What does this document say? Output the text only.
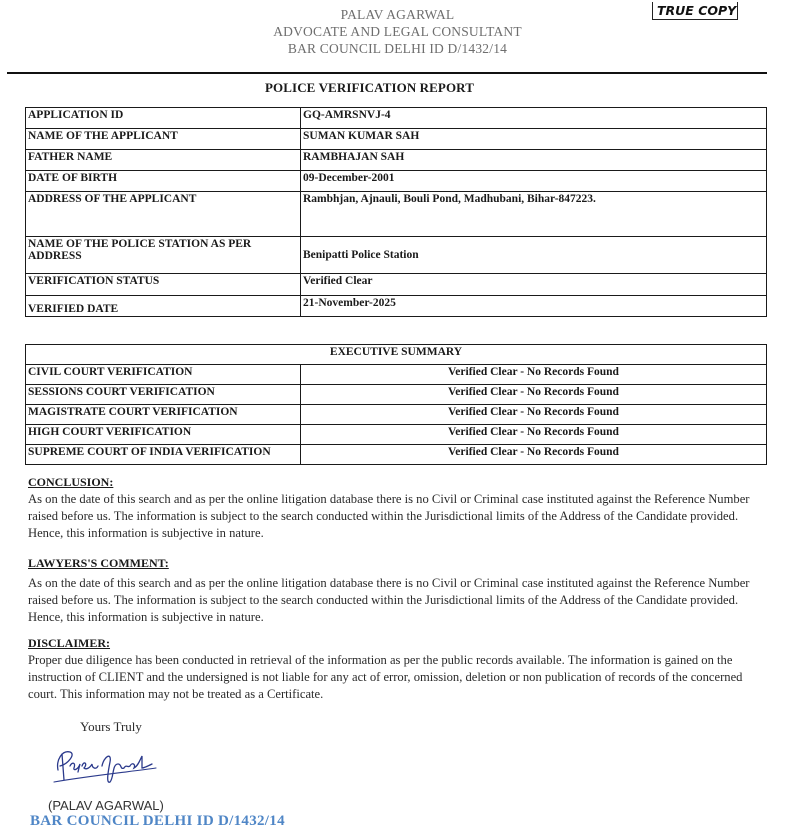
PALAV AGARWAL
ADVOCATE AND LEGAL CONSULTANT
BAR COUNCIL DELHI ID D/1432/14
TRUE COPY
POLICE VERIFICATION REPORT
APPLICATION ID	GQ-AMRSNVJ-4
NAME OF THE APPLICANT	SUMAN KUMAR SAH
FATHER NAME	RAMBHAJAN SAH
DATE OF BIRTH	09-December-2001
ADDRESS OF THE APPLICANT	Rambhjan, Ajnauli, Bouli Pond, Madhubani, Bihar-847223.
NAME OF THE POLICE STATION AS PER ADDRESS	Benipatti Police Station
VERIFICATION STATUS	Verified Clear
VERIFIED DATE	21-November-2025
EXECUTIVE SUMMARY	
CIVIL COURT VERIFICATION	Verified Clear - No Records Found
SESSIONS COURT VERIFICATION	Verified Clear - No Records Found
MAGISTRATE COURT VERIFICATION	Verified Clear - No Records Found
HIGH COURT VERIFICATION	Verified Clear - No Records Found
SUPREME COURT OF INDIA VERIFICATION	Verified Clear - No Records Found
CONCLUSION:

As on the date of this search and as per the online litigation database there is no Civil or Criminal case instituted against the Reference Number raised before us. The information is subject to the search conducted within the Jurisdictional limits of the Address of the Candidate provided. Hence, this information is subjective in nature.

LAWYERS'S COMMENT:

As on the date of this search and as per the online litigation database there is no Civil or Criminal case instituted against the Reference Number raised before us. The information is subject to the search conducted within the Jurisdictional limits of the Address of the Candidate provided. Hence, this information is subjective in nature.

DISCLAIMER:

Proper due diligence has been conducted in retrieval of the information as per the public records available. The information is gained on the instruction of CLIENT and the undersigned is not liable for any act of error, omission, deletion or non publication of records of the concerned court. This information may not be treated as a Certificate.

Yours Truly
(PALAV AGARWAL)
BAR COUNCIL DELHI ID D/1432/14
